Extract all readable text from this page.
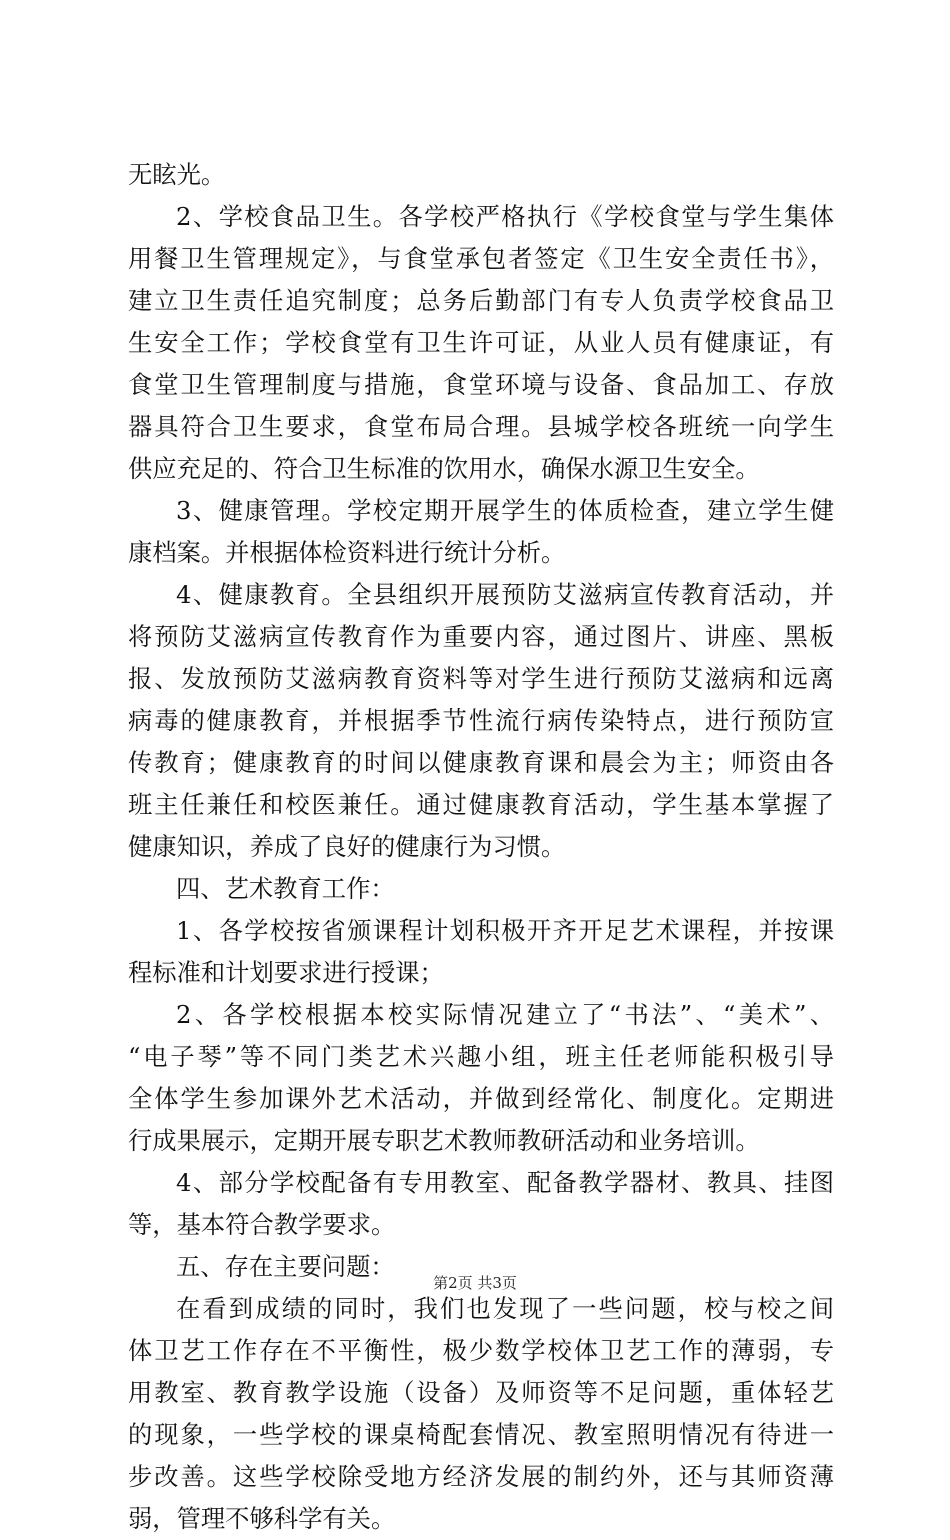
无眩光。
2、学校食品卫生。各学校严格执行《学校食堂与学生集体
用餐卫生管理规定》，与食堂承包者签定《卫生安全责任书》，
建立卫生责任追究制度；总务后勤部门有专人负责学校食品卫
生安全工作；学校食堂有卫生许可证，从业人员有健康证，有
食堂卫生管理制度与措施，食堂环境与设备、食品加工、存放
器具符合卫生要求，食堂布局合理。县城学校各班统一向学生
供应充足的、符合卫生标准的饮用水，确保水源卫生安全。
3、健康管理。学校定期开展学生的体质检查，建立学生健
康档案。并根据体检资料进行统计分析。
4、健康教育。全县组织开展预防艾滋病宣传教育活动，并
将预防艾滋病宣传教育作为重要内容，通过图片、讲座、黑板
报、发放预防艾滋病教育资料等对学生进行预防艾滋病和远离
病毒的健康教育，并根据季节性流行病传染特点，进行预防宣
传教育；健康教育的时间以健康教育课和晨会为主；师资由各
班主任兼任和校医兼任。通过健康教育活动，学生基本掌握了
健康知识，养成了良好的健康行为习惯。
四、艺术教育工作：
1、各学校按省颁课程计划积极开齐开足艺术课程，并按课
程标准和计划要求进行授课；
2、各学校根据本校实际情况建立了“书法”、“美术”、
“电子琴”等不同门类艺术兴趣小组，班主任老师能积极引导
全体学生参加课外艺术活动，并做到经常化、制度化。定期进
行成果展示，定期开展专职艺术教师教研活动和业务培训。
4、部分学校配备有专用教室、配备教学器材、教具、挂图
等，基本符合教学要求。
五、存在主要问题：
在看到成绩的同时，我们也发现了一些问题，校与校之间
体卫艺工作存在不平衡性，极少数学校体卫艺工作的薄弱，专
用教室、教育教学设施（设备）及师资等不足问题，重体轻艺
的现象，一些学校的课桌椅配套情况、教室照明情况有待进一
步改善。这些学校除受地方经济发展的制约外，还与其师资薄
弱，管理不够科学有关。
第2页 共3页
